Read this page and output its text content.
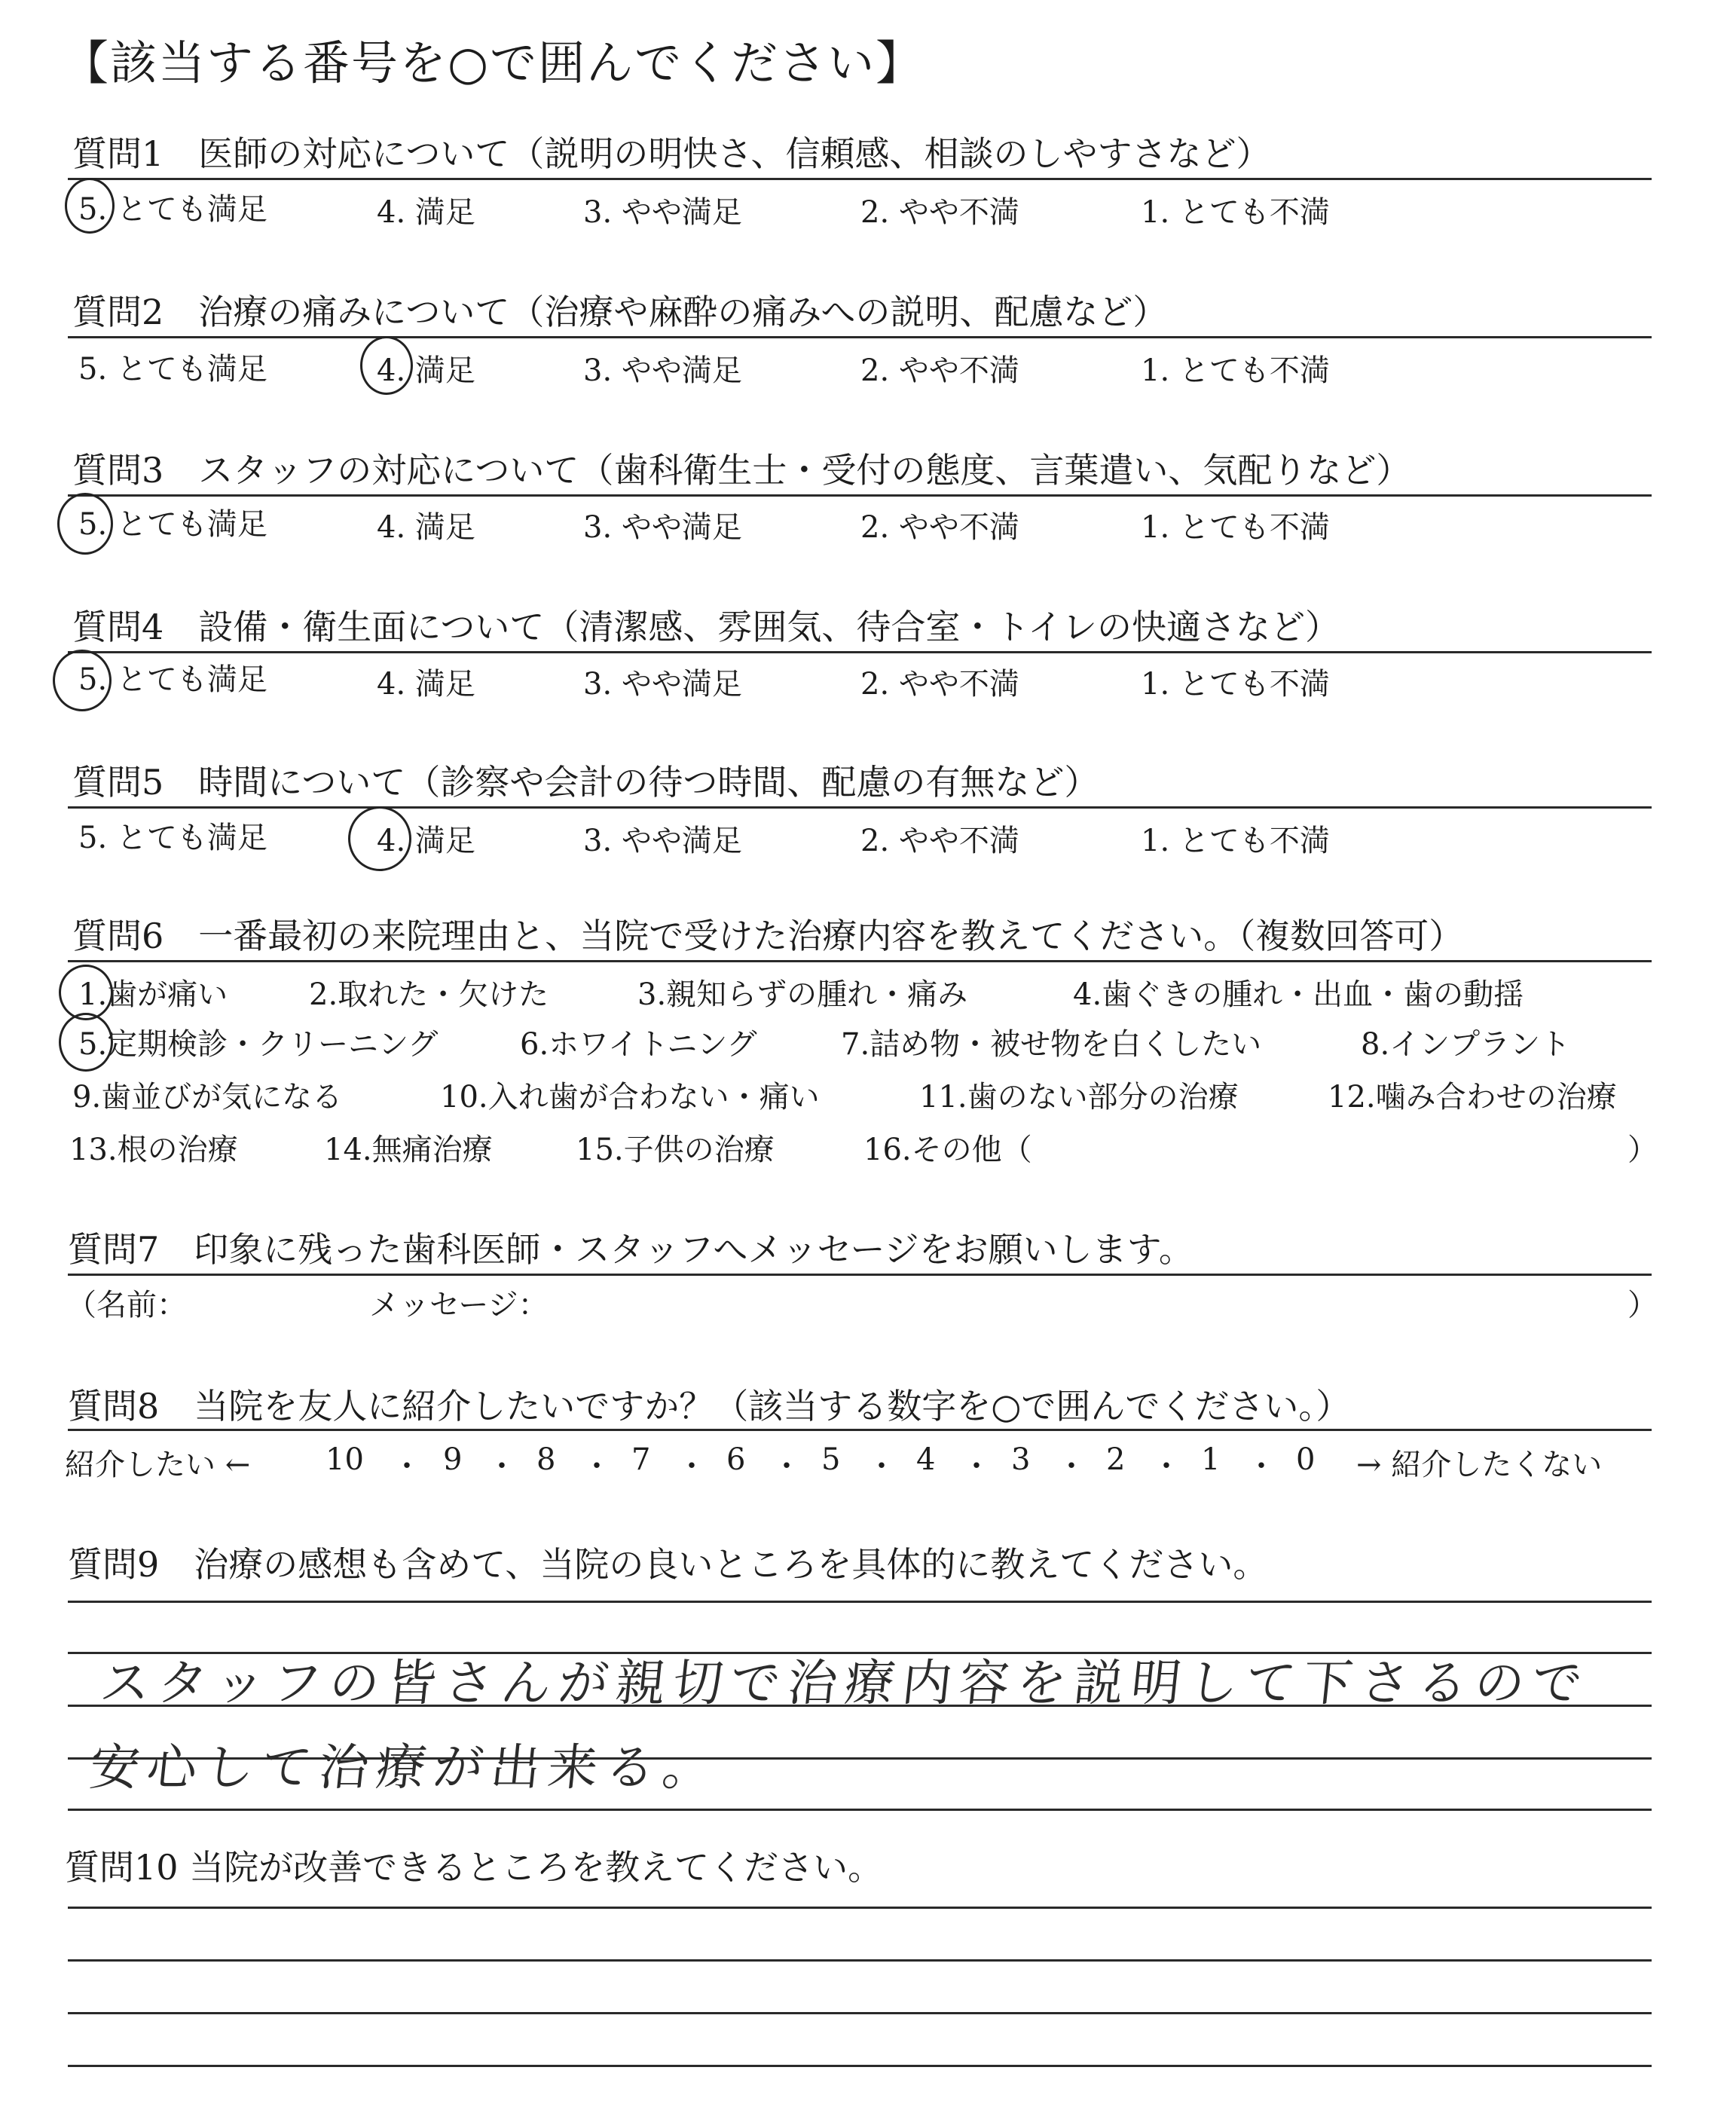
【該当する番号を○で囲んでください】
質問1　医師の対応について（説明の明快さ、信頼感、相談のしやすさなど）
5. とても満足	4. 満足	3. やや満足	2. やや不満	1. とても不満
質問2　治療の痛みについて（治療や麻酔の痛みへの説明、配慮など）
5. とても満足	4. 満足	3. やや満足	2. やや不満	1. とても不満
質問3　スタッフの対応について（歯科衛生士・受付の態度、言葉遣い、気配りなど）
5. とても満足	4. 満足	3. やや満足	2. やや不満	1. とても不満
質問4　設備・衛生面について（清潔感、雰囲気、待合室・トイレの快適さなど）
5. とても満足	4. 満足	3. やや満足	2. やや不満	1. とても不満
質問5　時間について（診察や会計の待つ時間、配慮の有無など）
5. とても満足	4. 満足	3. やや満足	2. やや不満	1. とても不満
質問6　一番最初の来院理由と、当院で受けた治療内容を教えてください。（複数回答可）
1.歯が痛い	2.取れた・欠けた	3.親知らずの腫れ・痛み	4.歯ぐきの腫れ・出血・歯の動揺
5.定期検診・クリーニング	6.ホワイトニング	7.詰め物・被せ物を白くしたい	8.インプラント
9.歯並びが気になる	10.入れ歯が合わない・痛い	11.歯のない部分の治療	12.噛み合わせの治療
13.根の治療	14.無痛治療	15.子供の治療	16.その他（	）
質問7　印象に残った歯科医師・スタッフへメッセージをお願いします。
（名前：	メッセージ：	）
質問8　当院を友人に紹介したいですか？（該当する数字を○で囲んでください。）
紹介したい ← 10 ・ 9 ・ 8 ・ 7 ・ 6 ・ 5 ・ 4 ・ 3 ・ 2 ・ 1 ・ 0 → 紹介したくない
質問9　治療の感想も含めて、当院の良いところを具体的に教えてください。
スタッフの皆さんが親切で治療内容を説明して下さるので
安心して治療が出来る。
質問10 当院が改善できるところを教えてください。
